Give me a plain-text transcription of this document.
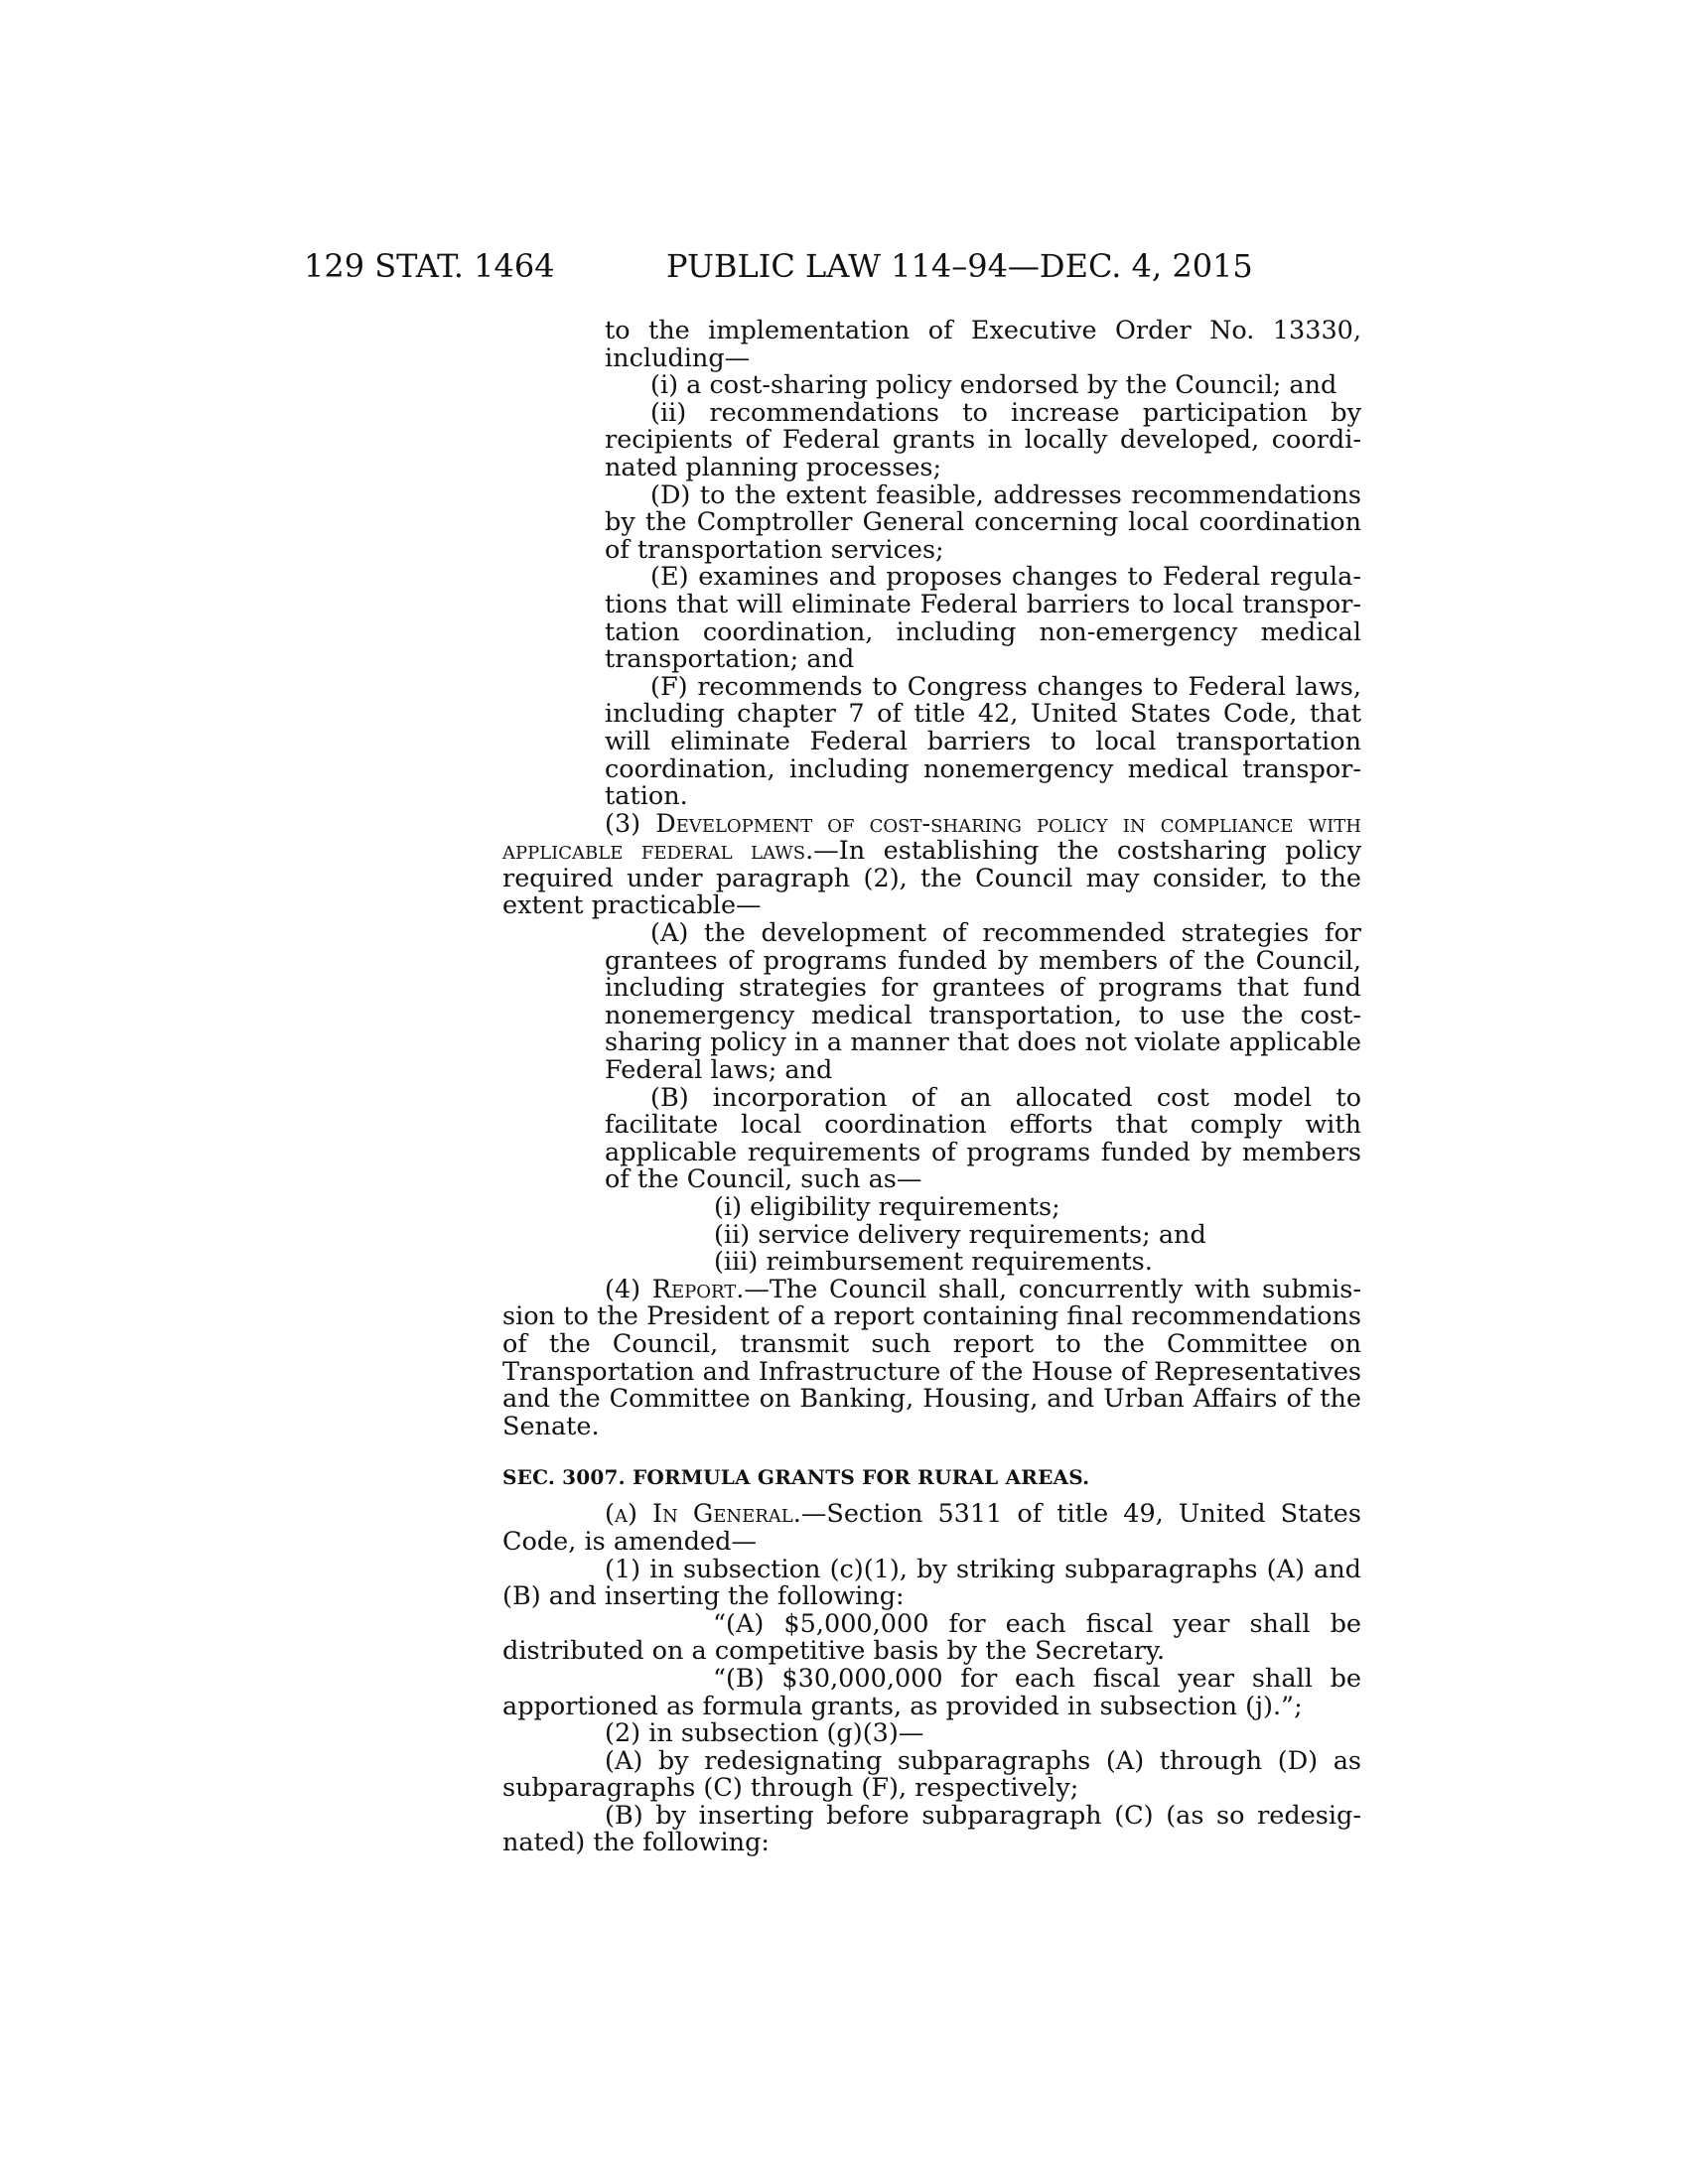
129 STAT. 1464	PUBLIC LAW 114–94—DEC. 4, 2015

to the implementation of Executive Order No. 13330, including—

(i) a cost-sharing policy endorsed by the Council; and

(ii) recommendations to increase participation by recipients of Federal grants in locally developed, coordinated planning processes;

(D) to the extent feasible, addresses recommendations by the Comptroller General concerning local coordination of transportation services;

(E) examines and proposes changes to Federal regulations that will eliminate Federal barriers to local transportation coordination, including non-emergency medical transportation; and

(F) recommends to Congress changes to Federal laws, including chapter 7 of title 42, United States Code, that will eliminate Federal barriers to local transportation coordination, including nonemergency medical transportation.

(3) Development of cost-sharing policy in compliance with applicable federal laws.—In establishing the costsharing policy required under paragraph (2), the Council may consider, to the extent practicable—

(A) the development of recommended strategies for grantees of programs funded by members of the Council, including strategies for grantees of programs that fund nonemergency medical transportation, to use the costsharing policy in a manner that does not violate applicable Federal laws; and

(B) incorporation of an allocated cost model to facilitate local coordination efforts that comply with applicable requirements of programs funded by members of the Council, such as—

(i) eligibility requirements;

(ii) service delivery requirements; and

(iii) reimbursement requirements.

(4) Report.—The Council shall, concurrently with submission to the President of a report containing final recommendations of the Council, transmit such report to the Committee on Transportation and Infrastructure of the House of Representatives and the Committee on Banking, Housing, and Urban Affairs of the Senate.

SEC. 3007. FORMULA GRANTS FOR RURAL AREAS.

(a) In General.—Section 5311 of title 49, United States Code, is amended—

(1) in subsection (c)(1), by striking subparagraphs (A) and (B) and inserting the following:

“(A) $5,000,000 for each fiscal year shall be distributed on a competitive basis by the Secretary.

“(B) $30,000,000 for each fiscal year shall be apportioned as formula grants, as provided in subsection (j).”;

(2) in subsection (g)(3)—

(A) by redesignating subparagraphs (A) through (D) as subparagraphs (C) through (F), respectively;

(B) by inserting before subparagraph (C) (as so redesignated) the following:
